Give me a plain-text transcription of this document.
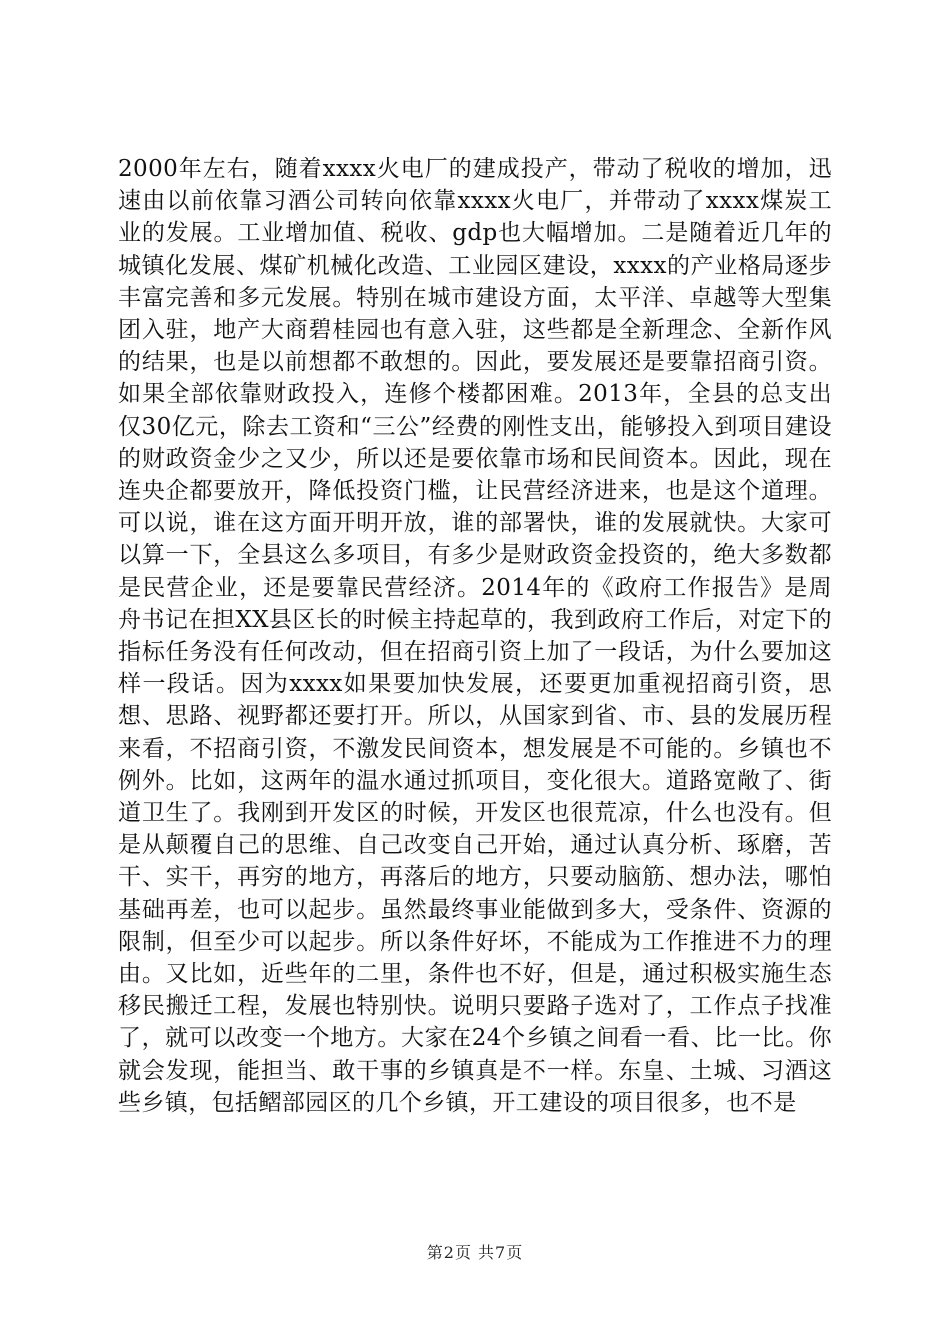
2000年左右，随着xxxx火电厂的建成投产，带动了税收的增加，迅速由以前依靠习酒公司转向依靠xxxx火电厂，并带动了xxxx煤炭工业的发展。工业增加值、税收、gdp也大幅增加。二是随着近几年的城镇化发展、煤矿机械化改造、工业园区建设，xxxx的产业格局逐步丰富完善和多元发展。特别在城市建设方面，太平洋、卓越等大型集团入驻，地产大商碧桂园也有意入驻，这些都是全新理念、全新作风的结果，也是以前想都不敢想的。因此，要发展还是要靠招商引资。如果全部依靠财政投入，连修个楼都困难。2013年，全县的总支出仅30亿元，除去工资和“三公”经费的刚性支出，能够投入到项目建设的财政资金少之又少，所以还是要依靠市场和民间资本。因此，现在连央企都要放开，降低投资门槛，让民营经济进来，也是这个道理。可以说，谁在这方面开明开放，谁的部署快，谁的发展就快。大家可以算一下，全县这么多项目，有多少是财政资金投资的，绝大多数都是民营企业，还是要靠民营经济。2014年的《政府工作报告》是周舟书记在担XX县区长的时候主持起草的，我到政府工作后，对定下的指标任务没有任何改动，但在招商引资上加了一段话，为什么要加这样一段话。因为xxxx如果要加快发展，还要更加重视招商引资，思想、思路、视野都还要打开。所以，从国家到省、市、县的发展历程来看，不招商引资，不激发民间资本，想发展是不可能的。乡镇也不例外。比如，这两年的温水通过抓项目，变化很大。道路宽敞了、街道卫生了。我刚到开发区的时候，开发区也很荒凉，什么也没有。但是从颠覆自己的思维、自己改变自己开始，通过认真分析、琢磨，苦干、实干，再穷的地方，再落后的地方，只要动脑筋、想办法，哪怕基础再差，也可以起步。虽然最终事业能做到多大，受条件、资源的限制，但至少可以起步。所以条件好坏，不能成为工作推进不力的理由。又比如，近些年的二里，条件也不好，但是，通过积极实施生态移民搬迁工程，发展也特别快。说明只要路子选对了，工作点子找准了，就可以改变一个地方。大家在24个乡镇之间看一看、比一比。你就会发现，能担当、敢干事的乡镇真是不一样。东皇、土城、习酒这些乡镇，包括鳛部园区的几个乡镇，开工建设的项目很多，也不是

第2页 共7页
